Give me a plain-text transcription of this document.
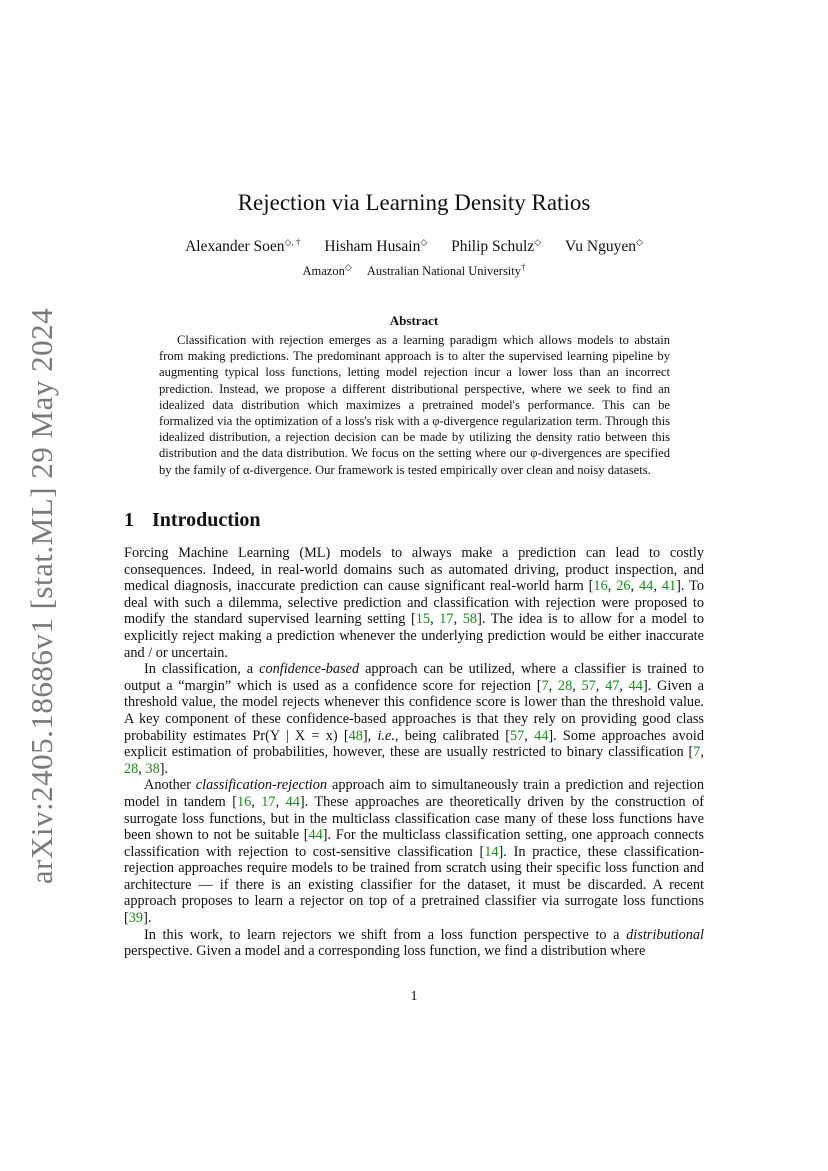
arXiv:2405.18686v1 [stat.ML] 29 May 2024
Rejection via Learning Density Ratios
Alexander Soen◇, † Hisham Husain◇ Philip Schulz◇ Vu Nguyen◇
Amazon◇ Australian National University†
Abstract
Classification with rejection emerges as a learning paradigm which allows models to abstain from making predictions. The predominant approach is to alter the supervised learning pipeline by augmenting typical loss functions, letting model rejection incur a lower loss than an incorrect prediction. Instead, we propose a different distributional perspective, where we seek to find an idealized data distribution which maximizes a pretrained model's performance. This can be formalized via the optimization of a loss's risk with a φ-divergence regularization term. Through this idealized distribution, a rejection decision can be made by utilizing the density ratio between this distribution and the data distribution. We focus on the setting where our φ-divergences are specified by the family of α-divergence. Our framework is tested empirically over clean and noisy datasets.
1 Introduction

Forcing Machine Learning (ML) models to always make a prediction can lead to costly consequences. Indeed, in real-world domains such as automated driving, product inspection, and medical diagnosis, inaccurate prediction can cause significant real-world harm [16, 26, 44, 41]. To deal with such a dilemma, selective prediction and classification with rejection were proposed to modify the standard supervised learning setting [15, 17, 58]. The idea is to allow for a model to explicitly reject making a prediction whenever the underlying prediction would be either inaccurate and / or uncertain.

In classification, a confidence-based approach can be utilized, where a classifier is trained to output a “margin” which is used as a confidence score for rejection [7, 28, 57, 47, 44]. Given a threshold value, the model rejects whenever this confidence score is lower than the threshold value. A key component of these confidence-based approaches is that they rely on providing good class probability estimates Pr(Y | X = x) [48], i.e., being calibrated [57, 44]. Some approaches avoid explicit estimation of probabilities, however, these are usually restricted to binary classification [7, 28, 38].

Another classification-rejection approach aim to simultaneously train a prediction and rejection model in tandem [16, 17, 44]. These approaches are theoretically driven by the construction of surrogate loss functions, but in the multiclass classification case many of these loss functions have been shown to not be suitable [44]. For the multiclass classification setting, one approach connects classification with rejection to cost-sensitive classification [14]. In practice, these classification-rejection approaches require models to be trained from scratch using their specific loss function and architecture — if there is an existing classifier for the dataset, it must be discarded. A recent approach proposes to learn a rejector on top of a pretrained classifier via surrogate loss functions [39].

In this work, to learn rejectors we shift from a loss function perspective to a distributional perspective. Given a model and a corresponding loss function, we find a distribution where

1
